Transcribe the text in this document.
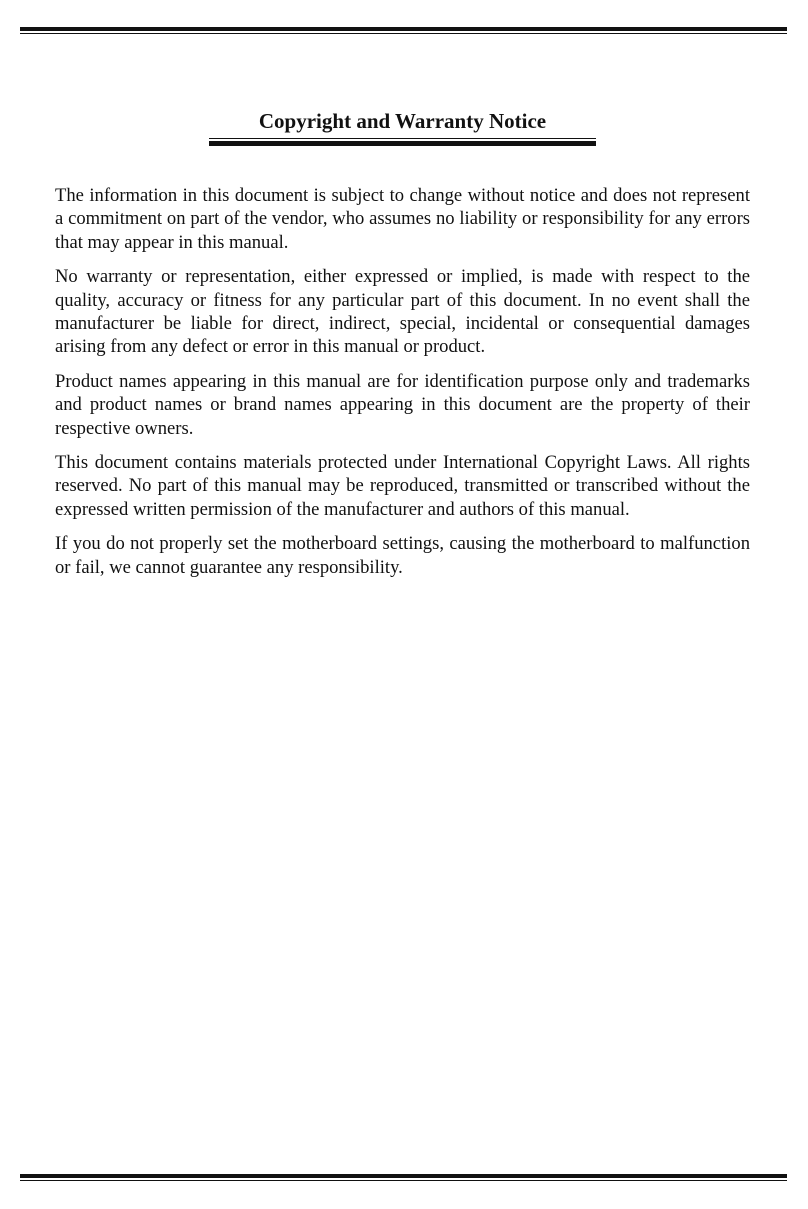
Copyright and Warranty Notice

The information in this document is subject to change without notice and does not represent a commitment on part of the vendor, who assumes no liability or responsibility for any errors that may appear in this manual.

No warranty or representation, either expressed or implied, is made with respect to the quality, accuracy or fitness for any particular part of this document. In no event shall the manufacturer be liable for direct, indirect, special, incidental or consequential damages arising from any defect or error in this manual or product.

Product names appearing in this manual are for identification purpose only and trademarks and product names or brand names appearing in this document are the property of their respective owners.

This document contains materials protected under International Copyright Laws. All rights reserved. No part of this manual may be reproduced, transmitted or transcribed without the expressed written permission of the manufacturer and authors of this manual.

If you do not properly set the motherboard settings, causing the motherboard to malfunction or fail, we cannot guarantee any responsibility.
